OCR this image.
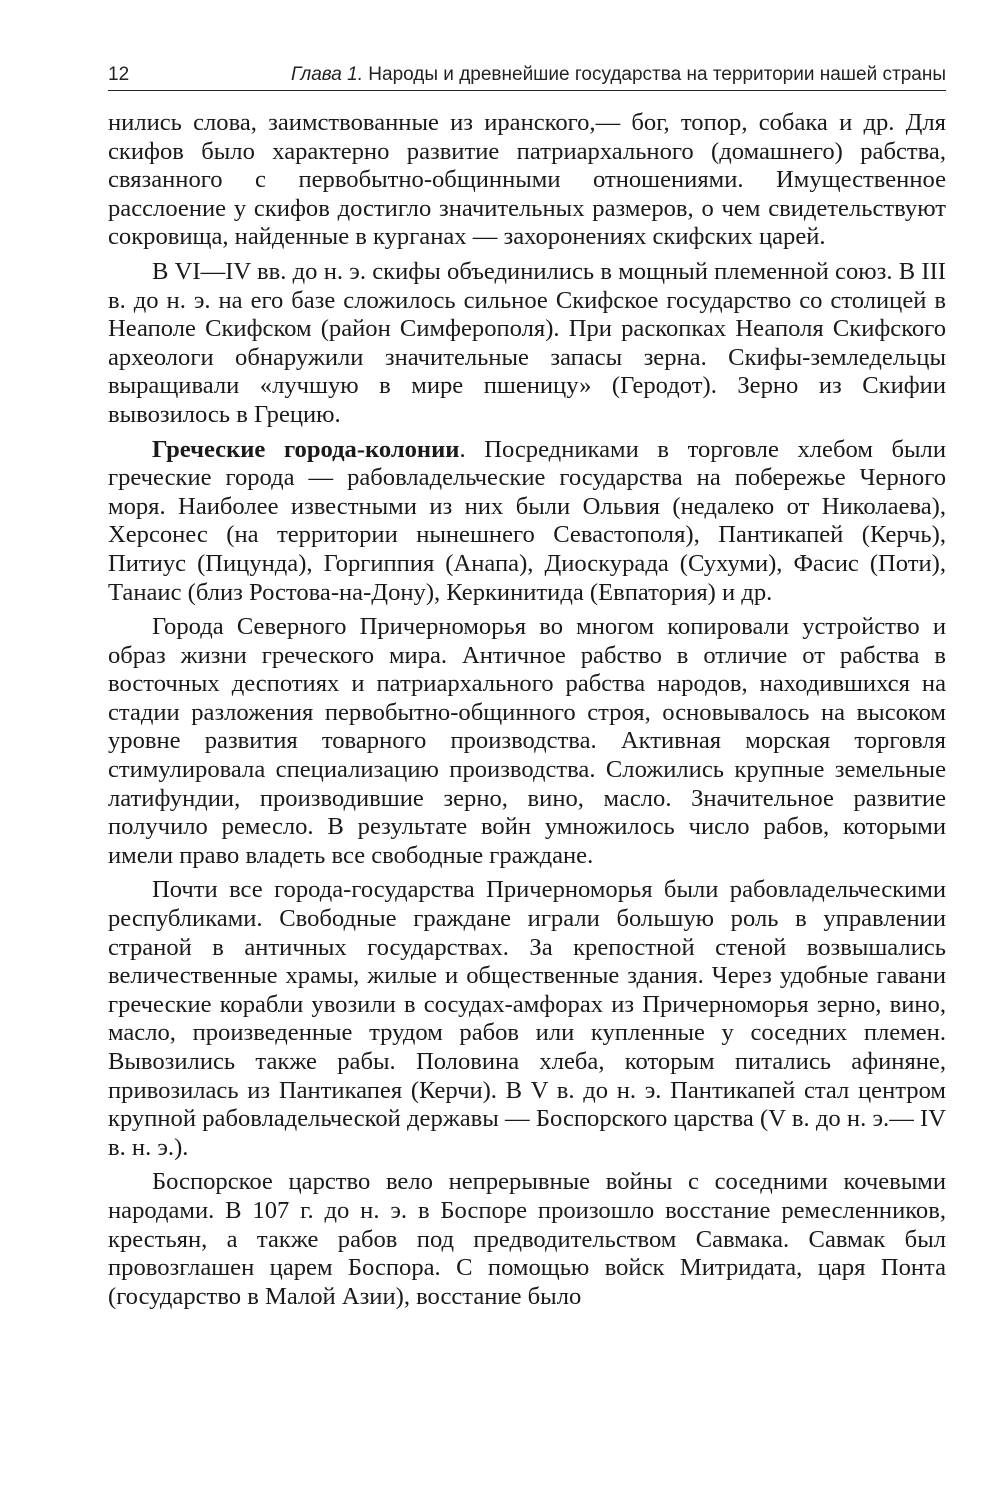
12	Глава 1. Народы и древнейшие государства на территории нашей страны

нились слова, заимствованные из иранского,— бог, топор, собака и др. Для скифов было характерно развитие патриархального (домашнего) рабства, связанного с первобытно-общинными отношениями. Имущественное расслоение у скифов достигло значительных размеров, о чем свидетельствуют сокровища, найденные в курганах — захоронениях скифских царей.

В VI—IV вв. до н. э. скифы объединились в мощный племенной союз. В III в. до н. э. на его базе сложилось сильное Скифское государство со столицей в Неаполе Скифском (район Симферополя). При раскопках Неаполя Скифского археологи обнаружили значительные запасы зерна. Скифы-земледельцы выращивали «лучшую в мире пшеницу» (Геродот). Зерно из Скифии вывозилось в Грецию.

Греческие города-колонии. Посредниками в торговле хлебом были греческие города — рабовладельческие государства на побережье Черного моря. Наиболее известными из них были Ольвия (недалеко от Николаева), Херсонес (на территории нынешнего Севастополя), Пантикапей (Керчь), Питиус (Пицунда), Горгиппия (Анапа), Диоскурада (Сухуми), Фасис (Поти), Танаис (близ Ростова-на-Дону), Керкинитида (Евпатория) и др.

Города Северного Причерноморья во многом копировали устройство и образ жизни греческого мира. Античное рабство в отличие от рабства в восточных деспотиях и патриархального рабства народов, находившихся на стадии разложения первобытно-общинного строя, основывалось на высоком уровне развития товарного производства. Активная морская торговля стимулировала специализацию производства. Сложились крупные земельные латифундии, производившие зерно, вино, масло. Значительное развитие получило ремесло. В результате войн умножилось число рабов, которыми имели право владеть все свободные граждане.

Почти все города-государства Причерноморья были рабовладельческими республиками. Свободные граждане играли большую роль в управлении страной в античных государствах. За крепостной стеной возвышались величественные храмы, жилые и общественные здания. Через удобные гавани греческие корабли увозили в сосудах-амфорах из Причерноморья зерно, вино, масло, произведенные трудом рабов или купленные у соседних племен. Вывозились также рабы. Половина хлеба, которым питались афиняне, привозилась из Пантикапея (Керчи). В V в. до н. э. Пантикапей стал центром крупной рабовладельческой державы — Боспорского царства (V в. до н. э.— IV в. н. э.).

Боспорское царство вело непрерывные войны с соседними кочевыми народами. В 107 г. до н. э. в Боспоре произошло восстание ремесленников, крестьян, а также рабов под предводительством Савмака. Савмак был провозглашен царем Боспора. С помощью войск Митридата, царя Понта (государство в Малой Азии), восстание было
